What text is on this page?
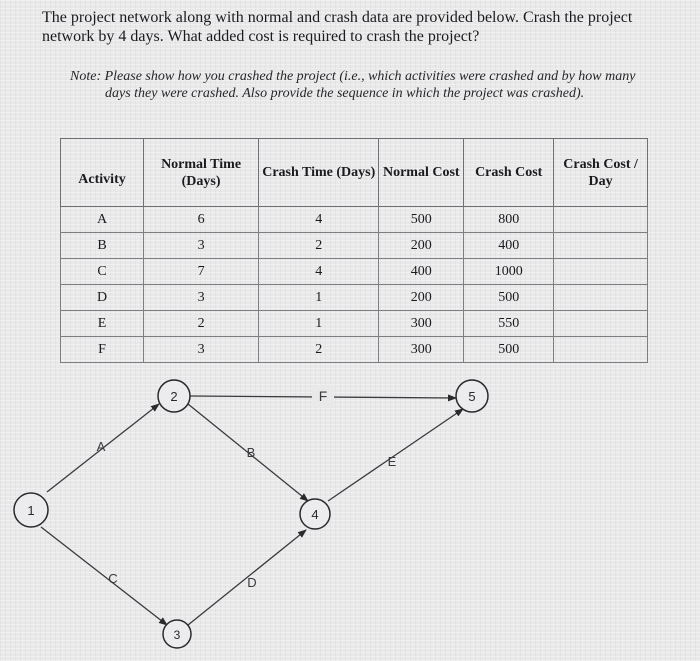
The project network along with normal and crash data are provided below. Crash the project
network by 4 days. What added cost is required to crash the project?
Note: Please show how you crashed the project (i.e., which activities were crashed and by how many
days they were crashed. Also provide the sequence in which the project was crashed).
Activity	Normal Time (Days)	Crash Time (Days)	Normal Cost	Crash Cost	Crash Cost / Day
A	6	4	500	800	
B	3	2	200	400	
C	7	4	400	1000	
D	3	1	200	500	
E	2	1	300	550	
F	3	2	300	500	
F
A	B
C	D
E
1
2
3
4
5
